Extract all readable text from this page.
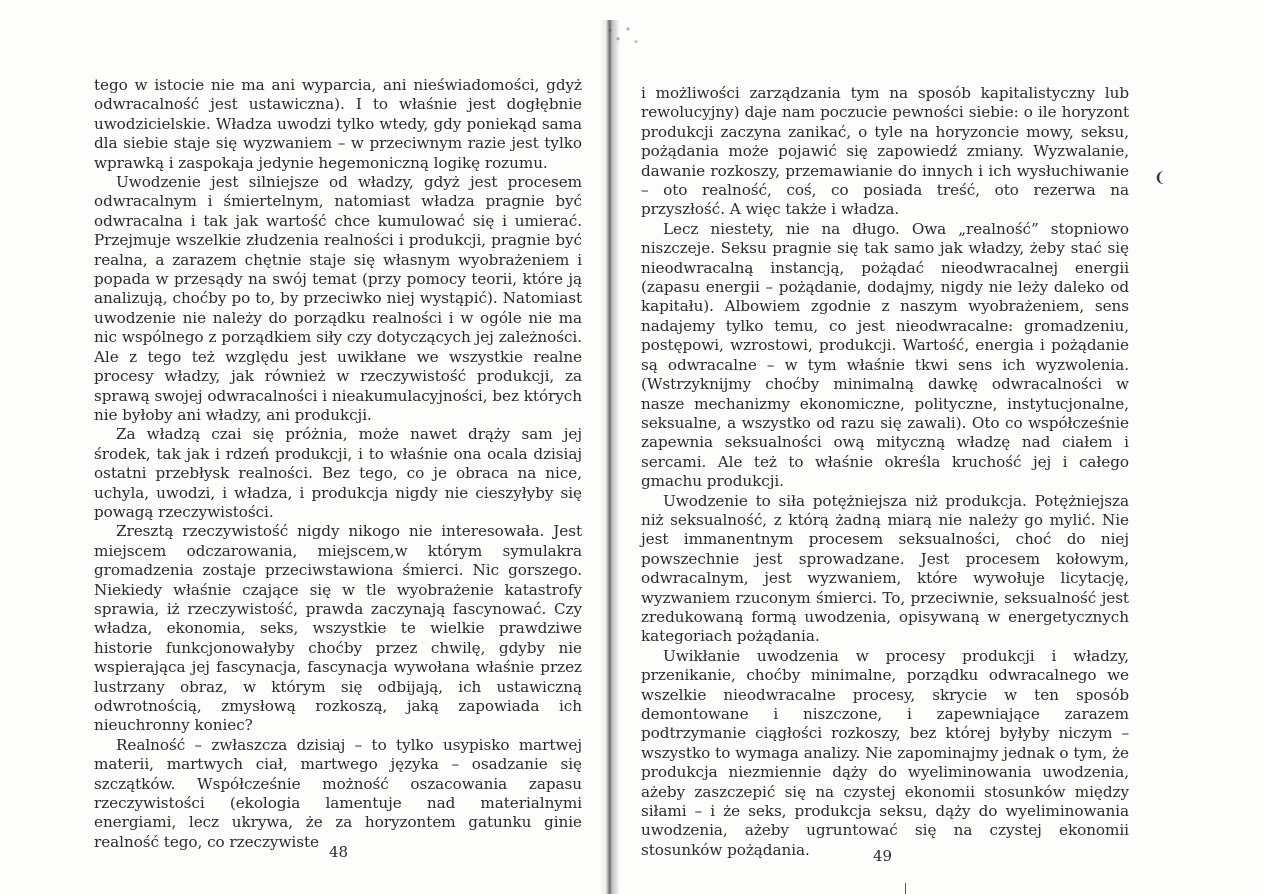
tego w istocie nie ma ani wyparcia, ani nieświadomości, gdyż odwracalność jest ustawiczna). I to właśnie jest dogłębnie uwodzicielskie. Władza uwodzi tylko wtedy, gdy poniekąd sama dla siebie staje się wyzwaniem – w przeciwnym razie jest tylko wprawką i zaspokaja jedynie hegemoniczną logikę rozumu.

Uwodzenie jest silniejsze od władzy, gdyż jest procesem odwracalnym i śmiertelnym, natomiast władza pragnie być odwracalna i tak jak wartość chce kumulować się i umierać. Przejmuje wszelkie złudzenia realności i produkcji, pragnie być realna, a zarazem chętnie staje się własnym wyobrażeniem i popada w przesądy na swój temat (przy pomocy teorii, które ją analizują, choćby po to, by przeciwko niej wystąpić). Natomiast uwodzenie nie należy do porządku realności i w ogóle nie ma nic wspólnego z porządkiem siły czy dotyczących jej zależności. Ale z tego też względu jest uwikłane we wszystkie realne procesy władzy, jak również w rzeczywistość produkcji, za sprawą swojej odwracalności i nieakumulacyjności, bez których nie byłoby ani władzy, ani produkcji.

Za władzą czai się próżnia, może nawet drąży sam jej środek, tak jak i rdzeń produkcji, i to właśnie ona ocala dzisiaj ostatni przebłysk realności. Bez tego, co je obraca na nice, uchyla, uwodzi, i władza, i produkcja nigdy nie cieszyłyby się powagą rzeczywistości.

Zresztą rzeczywistość nigdy nikogo nie interesowała. Jest miejscem odczarowania, miejscem,w którym symulakra gromadzenia zostaje przeciwstawiona śmierci. Nic gorszego. Niekiedy właśnie czające się w tle wyobrażenie katastrofy sprawia, iż rzeczywistość, prawda zaczynają fascynować. Czy władza, ekonomia, seks, wszystkie te wielkie prawdziwe historie funkcjonowałyby choćby przez chwilę, gdyby nie wspierająca jej fascynacja, fascynacja wywołana właśnie przez lustrzany obraz, w którym się odbijają, ich ustawiczną odwrotnością, zmysłową rozkoszą, jaką zapowiada ich nieuchronny koniec?

Realność – zwłaszcza dzisiaj – to tylko usypisko martwej materii, martwych ciał, martwego języka – osadzanie się szczątków. Współcześnie możność oszacowania zapasu rzeczywistości (ekologia lamentuje nad materialnymi energiami, lecz ukrywa, że za horyzontem gatunku ginie realność tego, co rzeczywiste

48

i możliwości zarządzania tym na sposób kapitalistyczny lub rewolucyjny) daje nam poczucie pewności siebie: o ile horyzont produkcji zaczyna zanikać, o tyle na horyzoncie mowy, seksu, pożądania może pojawić się zapowiedź zmiany. Wyzwalanie, dawanie rozkoszy, przemawianie do innych i ich wysłuchiwanie – oto realność, coś, co posiada treść, oto rezerwa na przyszłość. A więc także i władza.

Lecz niestety, nie na długo. Owa „realność” stopniowo niszczeje. Seksu pragnie się tak samo jak władzy, żeby stać się nieodwracalną instancją, pożądać nieodwracalnej energii (zapasu energii – pożądanie, dodajmy, nigdy nie leży daleko od kapitału). Albowiem zgodnie z naszym wyobrażeniem, sens nadajemy tylko temu, co jest nieodwracalne: gromadzeniu, postępowi, wzrostowi, produkcji. Wartość, energia i pożądanie są odwracalne – w tym właśnie tkwi sens ich wyzwolenia. (Wstrzyknijmy choćby minimalną dawkę odwracalności w nasze mechanizmy ekonomiczne, polityczne, instytucjonalne, seksualne, a wszystko od razu się zawali). Oto co współcześnie zapewnia seksualności ową mityczną władzę nad ciałem i sercami. Ale też to właśnie określa kruchość jej i całego gmachu produkcji.

Uwodzenie to siła potężniejsza niż produkcja. Potężniejsza niż seksualność, z którą żadną miarą nie należy go mylić. Nie jest immanentnym procesem seksualności, choć do niej powszechnie jest sprowadzane. Jest procesem kołowym, odwracalnym, jest wyzwaniem, które wywołuje licytację, wyzwaniem rzuconym śmierci. To, przeciwnie, seksualność jest zredukowaną formą uwodzenia, opisywaną w energetycznych kategoriach pożądania.

Uwikłanie uwodzenia w procesy produkcji i władzy, przenikanie, choćby minimalne, porządku odwracalnego we wszelkie nieodwracalne procesy, skrycie w ten sposób demontowane i niszczone, i zapewniające zarazem podtrzymanie ciągłości rozkoszy, bez której byłyby niczym – wszystko to wymaga analizy. Nie zapominajmy jednak o tym, że produkcja niezmiennie dąży do wyeliminowania uwodzenia, ażeby zaszczepić się na czystej ekonomii stosunków między siłami – i że seks, produkcja seksu, dąży do wyeliminowania uwodzenia, ażeby ugruntować się na czystej ekonomii stosunków pożądania.

❨
49
